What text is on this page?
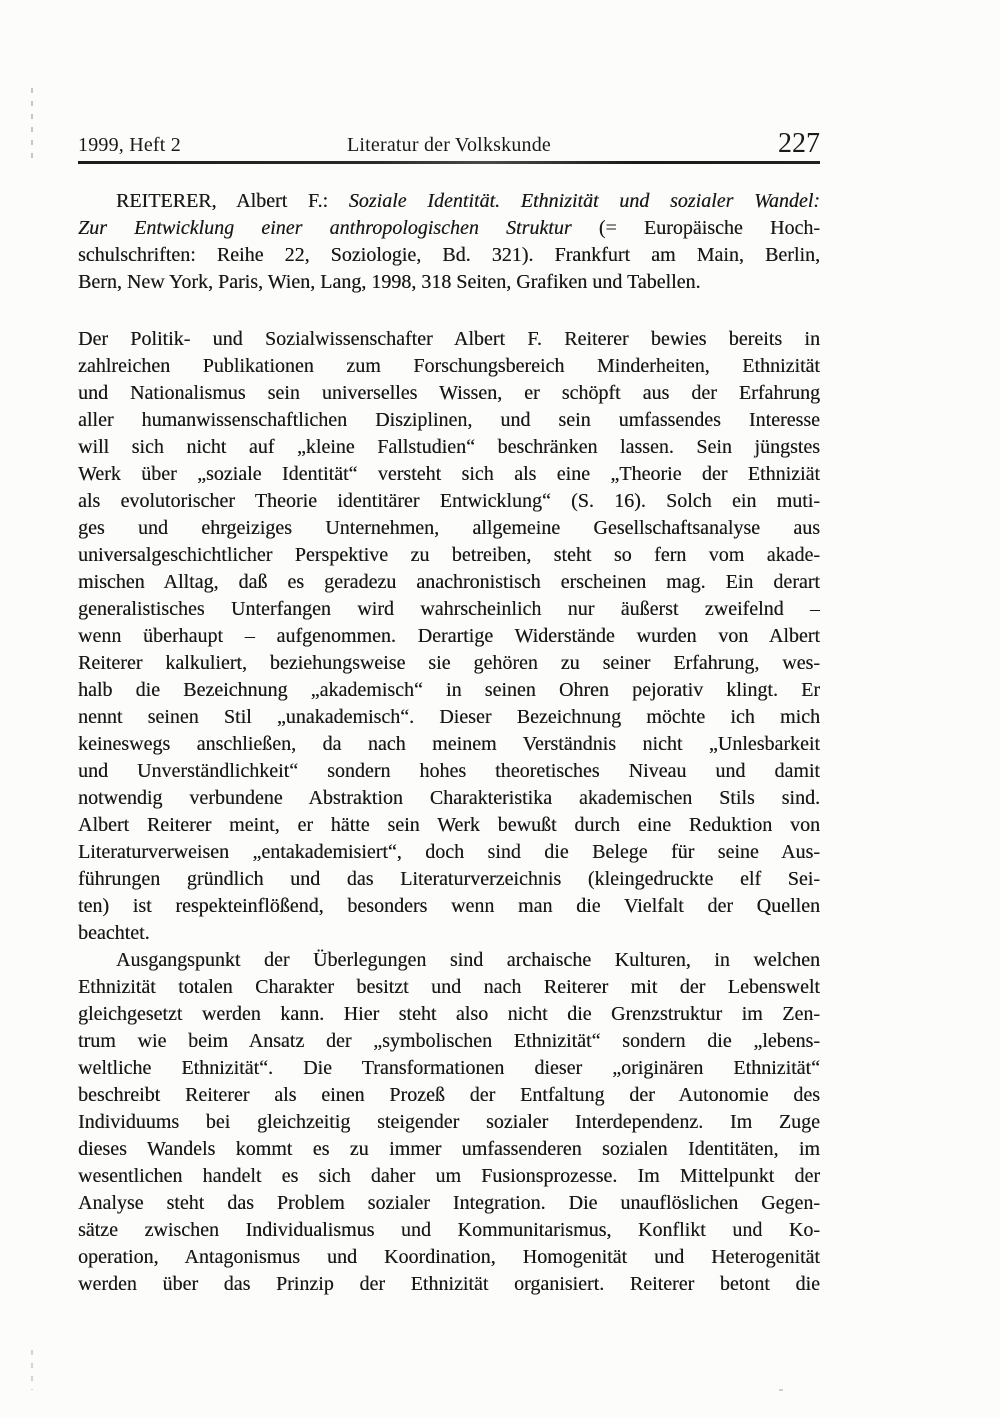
1999, Heft 2	Literatur der Volkskunde	227
REITERER, Albert F.: Soziale Identität. Ethnizität und sozialer Wandel:
Zur Entwicklung einer anthropologischen Struktur (= Europäische Hoch-
schulschriften: Reihe 22, Soziologie, Bd. 321). Frankfurt am Main, Berlin,
Bern, New York, Paris, Wien, Lang, 1998, 318 Seiten, Grafiken und Tabellen.
Der Politik- und Sozialwissenschafter Albert F. Reiterer bewies bereits in
zahlreichen Publikationen zum Forschungsbereich Minderheiten, Ethnizität
und Nationalismus sein universelles Wissen, er schöpft aus der Erfahrung
aller humanwissenschaftlichen Disziplinen, und sein umfassendes Interesse
will sich nicht auf „kleine Fallstudien“ beschränken lassen. Sein jüngstes
Werk über „soziale Identität“ versteht sich als eine „Theorie der Ethniziät
als evolutorischer Theorie identitärer Entwicklung“ (S. 16). Solch ein muti-
ges und ehrgeiziges Unternehmen, allgemeine Gesellschaftsanalyse aus
universalgeschichtlicher Perspektive zu betreiben, steht so fern vom akade-
mischen Alltag, daß es geradezu anachronistisch erscheinen mag. Ein derart
generalistisches Unterfangen wird wahrscheinlich nur äußerst zweifelnd –
wenn überhaupt – aufgenommen. Derartige Widerstände wurden von Albert
Reiterer kalkuliert, beziehungsweise sie gehören zu seiner Erfahrung, wes-
halb die Bezeichnung „akademisch“ in seinen Ohren pejorativ klingt. Er
nennt seinen Stil „unakademisch“. Dieser Bezeichnung möchte ich mich
keineswegs anschließen, da nach meinem Verständnis nicht „Unlesbarkeit
und Unverständlichkeit“ sondern hohes theoretisches Niveau und damit
notwendig verbundene Abstraktion Charakteristika akademischen Stils sind.
Albert Reiterer meint, er hätte sein Werk bewußt durch eine Reduktion von
Literaturverweisen „entakademisiert“, doch sind die Belege für seine Aus-
führungen gründlich und das Literaturverzeichnis (kleingedruckte elf Sei-
ten) ist respekteinflößend, besonders wenn man die Vielfalt der Quellen
beachtet.
Ausgangspunkt der Überlegungen sind archaische Kulturen, in welchen
Ethnizität totalen Charakter besitzt und nach Reiterer mit der Lebenswelt
gleichgesetzt werden kann. Hier steht also nicht die Grenzstruktur im Zen-
trum wie beim Ansatz der „symbolischen Ethnizität“ sondern die „lebens-
weltliche Ethnizität“. Die Transformationen dieser „originären Ethnizität“
beschreibt Reiterer als einen Prozeß der Entfaltung der Autonomie des
Individuums bei gleichzeitig steigender sozialer Interdependenz. Im Zuge
dieses Wandels kommt es zu immer umfassenderen sozialen Identitäten, im
wesentlichen handelt es sich daher um Fusionsprozesse. Im Mittelpunkt der
Analyse steht das Problem sozialer Integration. Die unauflöslichen Gegen-
sätze zwischen Individualismus und Kommunitarismus, Konflikt und Ko-
operation, Antagonismus und Koordination, Homogenität und Heterogenität
werden über das Prinzip der Ethnizität organisiert. Reiterer betont die
